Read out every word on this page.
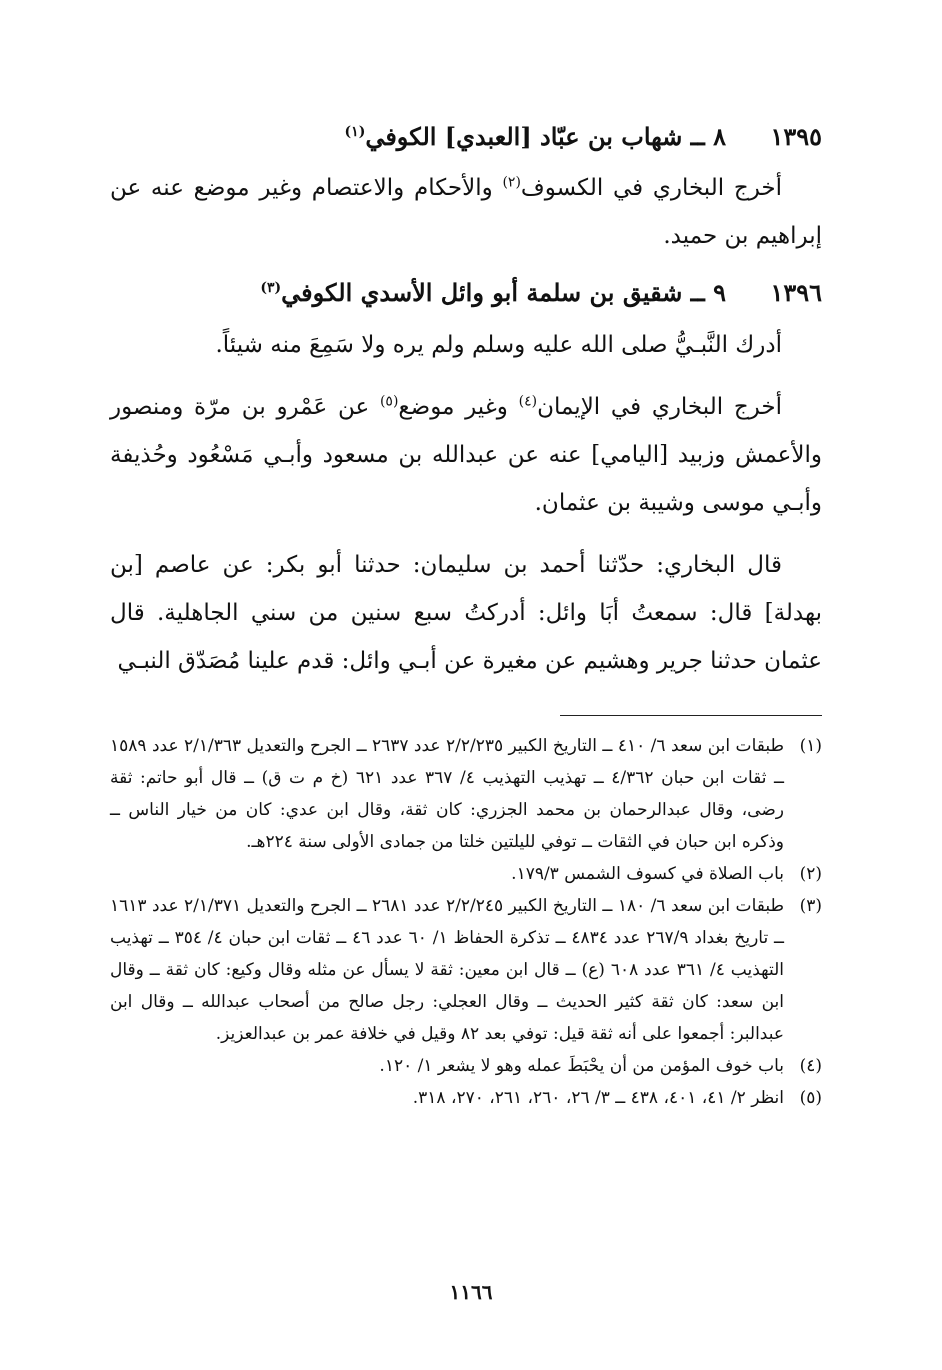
١٣٩٥
٨ ــ شهاب بن عبّاد [العبدي] الكوفي$^{(١)}$

أخرج البخاري في الكسوف$^{(٢)}$ والأحكام والاعتصام وغير موضع عنه عن إبراهيم بن حميد.

١٣٩٦
٩ ــ شقيق بن سلمة أبو وائل الأسدي الكوفي$^{(٣)}$

أدرك النَّبـيُّ صلى الله عليه وسلم ولم يره ولا سَمِعَ منه شيئاً.

أخرج البخاري في الإيمان$^{(٤)}$ وغير موضع$^{(٥)}$ عن عَمْرو بن مرّة ومنصور والأعمش وزبيد [اليامي] عنه عن عبدالله بن مسعود وأبـي مَسْعُود وحُذيفة وأبـي موسى وشيبة بن عثمان.

قال البخاري: حدّثنا أحمد بن سليمان: حدثنا أبو بكر: عن عاصم [بن بهدلة] قال: سمعتُ أبَا وائل: أدركتُ سبع سنين من سني الجاهلية. قال عثمان حدثنا جرير وهشيم عن مغيرة عن أبـي وائل: قدم علينا مُصَدّق النبـي

(١)
طبقات ابن سعد ٦/ ٤١٠ ــ التاريخ الكبير ٢/٢/٢٣٥ عدد ٢٦٣٧ ــ الجرح والتعديل ٢/١/٣٦٣ عدد ١٥٨٩ ــ ثقات ابن حبان ٤/٣٦٢ ــ تهذيب التهذيب ٤/ ٣٦٧ عدد ٦٢١ (خ م ت ق) ــ قال أبو حاتم: ثقة رضى، وقال عبدالرحمان بن محمد الجزري: كان ثقة، وقال ابن عدي: كان من خيار الناس ــ وذكره ابن حبان في الثقات ــ توفي لليلتين خلتا من جمادى الأولى سنة ٢٢٤هـ.
(٢)
باب الصلاة في كسوف الشمس ١٧٩/٣.
(٣)
طبقات ابن سعد ٦/ ١٨٠ ــ التاريخ الكبير ٢/٢/٢٤٥ عدد ٢٦٨١ ــ الجرح والتعديل ٢/١/٣٧١ عدد ١٦١٣ ــ تاريخ بغداد ٢٦٧/٩ عدد ٤٨٣٤ ــ تذكرة الحفاظ ١/ ٦٠ عدد ٤٦ ــ ثقات ابن حبان ٤/ ٣٥٤ ــ تهذيب التهذيب ٤/ ٣٦١ عدد ٦٠٨ (ع) ــ قال ابن معين: ثقة لا يسأل عن مثله وقال وكيع: كان ثقة ــ وقال ابن سعد: كان ثقة كثير الحديث ــ وقال العجلي: رجل صالح من أصحاب عبدالله ــ وقال ابن عبدالبر: أجمعوا على أنه ثقة قيل: توفي بعد ٨٢ وقيل في خلافة عمر بن عبدالعزيز.
(٤)
باب خوف المؤمن من أن يحْبَطَ عمله وهو لا يشعر ١/ ١٢٠.
(٥)
انظر ٢/ ٤١، ٤٠١، ٤٣٨ ــ ٣/ ٢٦، ٢٦٠، ٢٦١، ٢٧٠، ٣١٨.
١١٦٦
